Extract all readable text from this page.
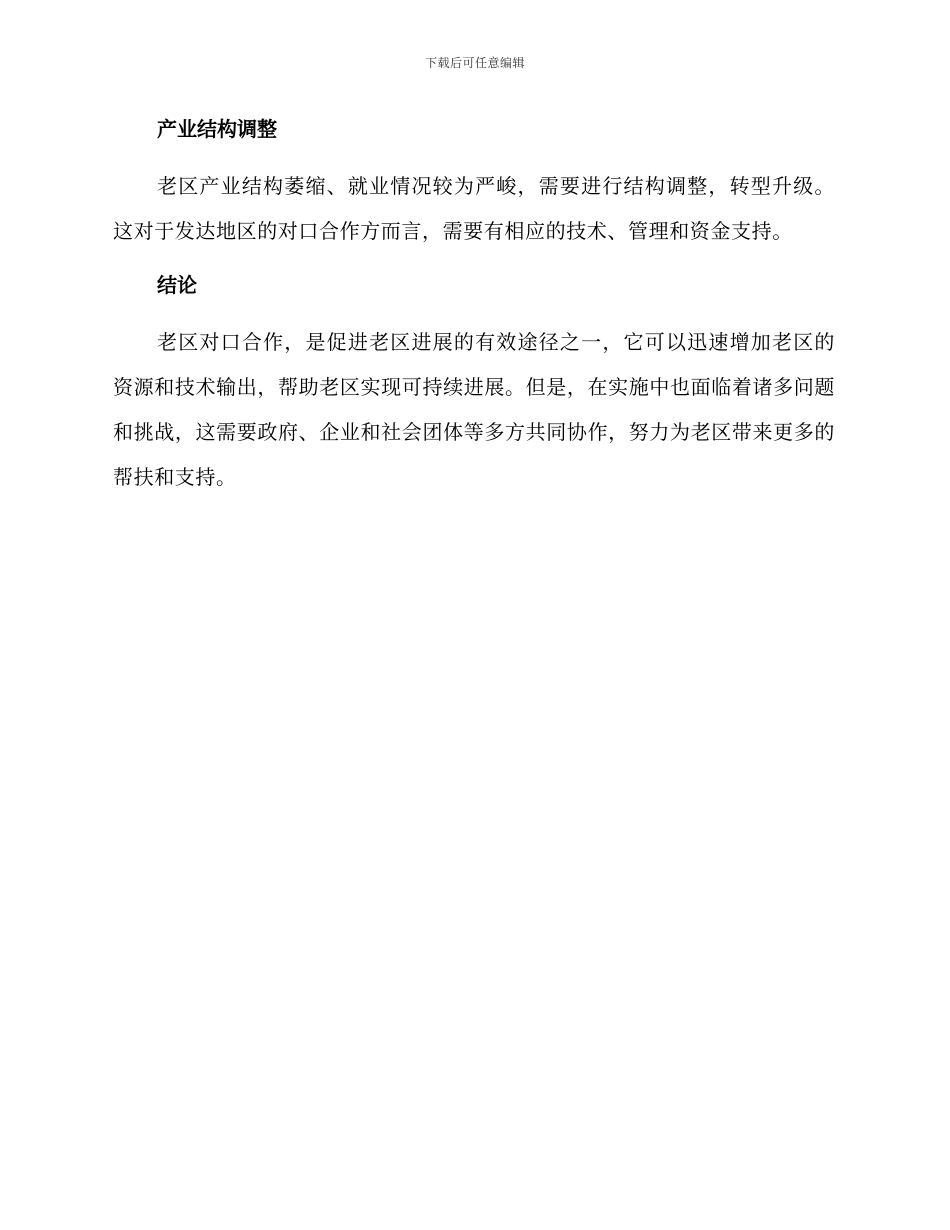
下载后可任意编辑
产业结构调整

老区产业结构萎缩、就业情况较为严峻，需要进行结构调整，转型升级。这对于发达地区的对口合作方而言，需要有相应的技术、管理和资金支持。

结论

老区对口合作，是促进老区进展的有效途径之一，它可以迅速增加老区的资源和技术输出，帮助老区实现可持续进展。但是，在实施中也面临着诸多问题和挑战，这需要政府、企业和社会团体等多方共同协作，努力为老区带来更多的帮扶和支持。
